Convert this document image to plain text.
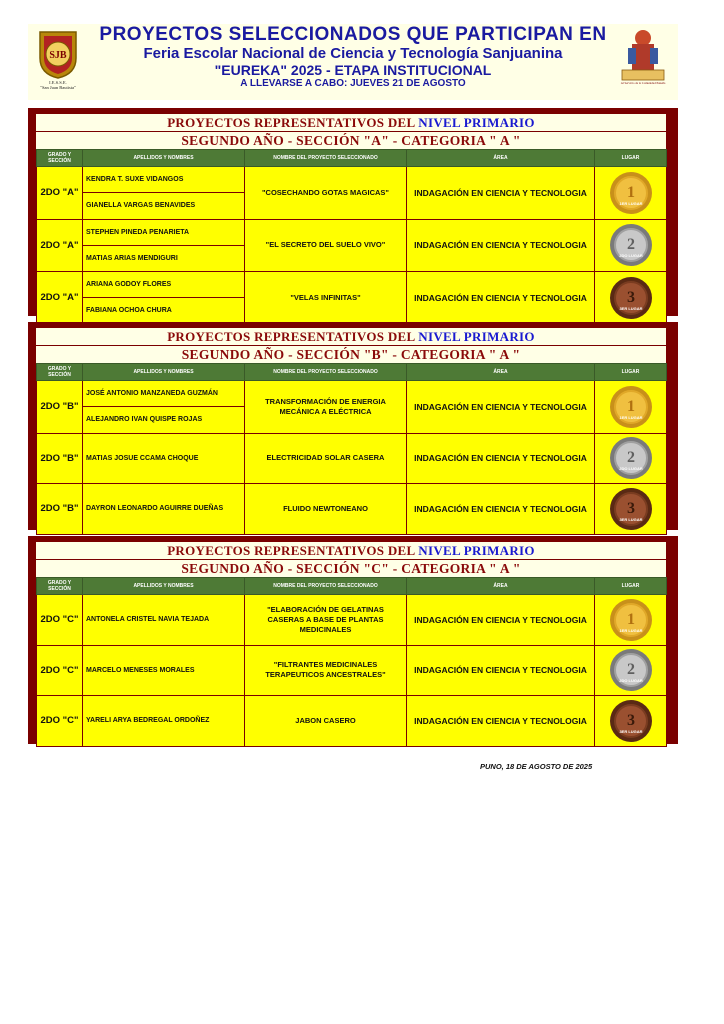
SJB
I.E.S.S.E.
"San Juan Bautista"
PROYECTOS SELECCIONADOS QUE PARTICIPAN EN
Feria Escolar Nacional de Ciencia y Tecnología Sanjuanina
"EUREKA" 2025 - ETAPA INSTITUCIONAL
A LLEVARSE A CABO: JUEVES 21 DE AGOSTO	Al Servicio de la Comunidad Puneña
PROYECTOS REPRESENTATIVOS DEL NIVEL PRIMARIO
SEGUNDO AÑO - SECCIÓN "A" - CATEGORIA " A "
GRADO Y SECCIÓN	APELLIDOS Y NOMBRES	NOMBRE DEL PROYECTO SELECCIONADO	ÁREA	LUGAR
2DO "A"	KENDRA T. SUXE VIDANGOS	"COSECHANDO GOTAS MAGICAS"	INDAGACIÓN EN CIENCIA Y TECNOLOGIA	1
1ER LUGAR

	GIANELLA VARGAS BENAVIDES			
2DO "A"	STEPHEN PINEDA PENARIETA	"EL SECRETO DEL SUELO VIVO"	INDAGACIÓN EN CIENCIA Y TECNOLOGIA	2
2DO LUGAR

	MATIAS ARIAS MENDIGURI			
2DO "A"	ARIANA GODOY FLORES	"VELAS INFINITAS"	INDAGACIÓN EN CIENCIA Y TECNOLOGIA	3
3ER LUGAR

	FABIANA OCHOA CHURA			
PROYECTOS REPRESENTATIVOS DEL NIVEL PRIMARIO
SEGUNDO AÑO - SECCIÓN "B" - CATEGORIA " A "
GRADO Y SECCIÓN	APELLIDOS Y NOMBRES	NOMBRE DEL PROYECTO SELECCIONADO	ÁREA	LUGAR
2DO "B"	JOSÉ ANTONIO MANZANEDA GUZMÁN	TRANSFORMACIÓN DE ENERGIA MECÁNICA A ELÉCTRICA	INDAGACIÓN EN CIENCIA Y TECNOLOGIA	1
1ER LUGAR

	ALEJANDRO IVAN QUISPE ROJAS			
2DO "B"	MATIAS JOSUE CCAMA CHOQUE	ELECTRICIDAD SOLAR CASERA	INDAGACIÓN EN CIENCIA Y TECNOLOGIA	2
2DO LUGAR

2DO "B"	DAYRON LEONARDO AGUIRRE DUEÑAS	FLUIDO NEWTONEANO	INDAGACIÓN EN CIENCIA Y TECNOLOGIA	3
3ER LUGAR

PROYECTOS REPRESENTATIVOS DEL NIVEL PRIMARIO
SEGUNDO AÑO - SECCIÓN "C" - CATEGORIA " A "
GRADO Y SECCIÓN	APELLIDOS Y NOMBRES	NOMBRE DEL PROYECTO SELECCIONADO	ÁREA	LUGAR
2DO "C"	ANTONELA CRISTEL NAVIA TEJADA	"ELABORACIÓN DE GELATINAS CASERAS A BASE DE PLANTAS MEDICINALES	INDAGACIÓN EN CIENCIA Y TECNOLOGIA	1
1ER LUGAR

2DO "C"	MARCELO MENESES MORALES	"FILTRANTES MEDICINALES TERAPEUTICOS ANCESTRALES"	INDAGACIÓN EN CIENCIA Y TECNOLOGIA	2
2DO LUGAR

2DO "C"	YARELI ARYA BEDREGAL ORDOÑEZ	JABON CASERO	INDAGACIÓN EN CIENCIA Y TECNOLOGIA	3
3ER LUGAR

PUNO, 18 DE AGOSTO DE 2025
